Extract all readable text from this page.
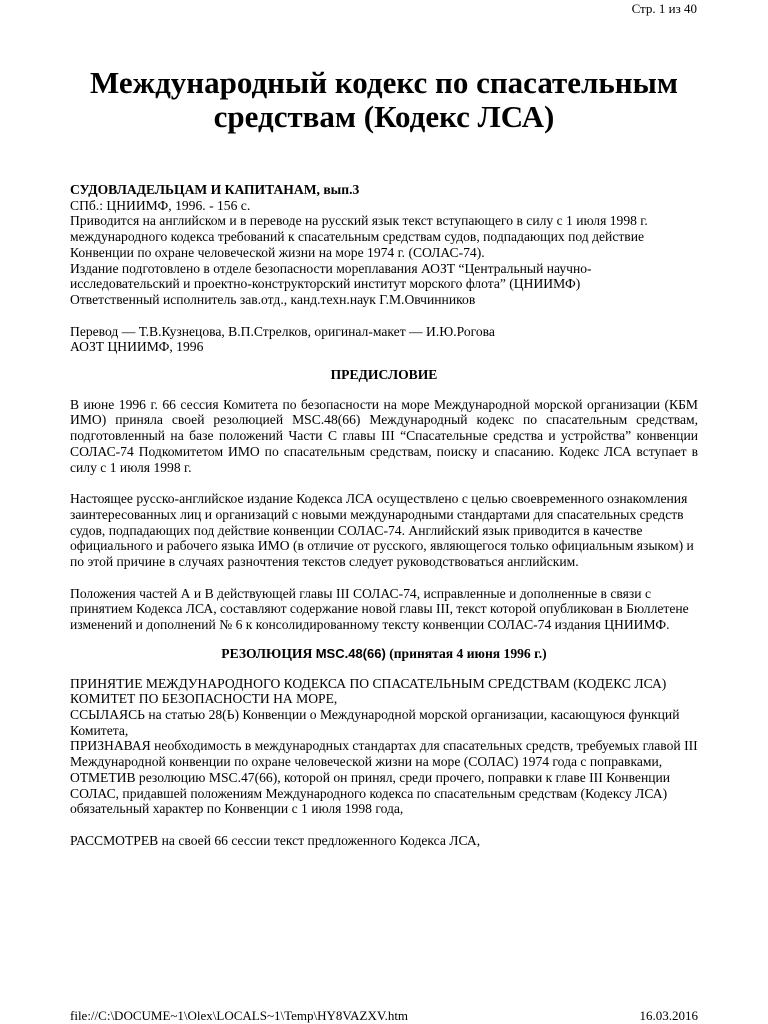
Стр. 1 из 40
Международный кодекс по спасательным
средствам (Кодекс ЛСА)

СУДОВЛАДЕЛЬЦАМ И КАПИТАНАМ, вып.3

СПб.: ЦНИИМФ, 1996. - 156 с.

Приводится на английском и в переводе на русский язык текст вступающего в силу с 1 июля 1998 г. международного кодекса требований к спасательным средствам судов, подпадающих под действие Конвенции по охране человеческой жизни на море 1974 г. (СОЛАС-74).

Издание подготовлено в отделе безопасности мореплавания АОЗТ “Центральный научно-исследовательский и проектно-конструкторский институт морского флота” (ЦНИИМФ)

Ответственный исполнитель зав.отд., канд.техн.наук Г.М.Овчинников

Перевод — Т.В.Кузнецова, В.П.Стрелков, оригинал-макет — И.Ю.Рогова

АОЗТ ЦНИИМФ, 1996

ПРЕДИСЛОВИЕ

В июне 1996 г. 66 сессия Комитета по безопасности на море Международной морской организации (КБМ ИМО) приняла своей резолюцией MSC.48(66) Международный кодекс по спасательным средствам, подготовленный на базе положений Части С главы III “Спасательные средства и устройства” конвенции СОЛАС-74 Подкомитетом ИМО по спасательным средствам, поиску и спасанию. Кодекс ЛСА вступает в силу с 1 июля 1998 г.

Настоящее русско-английское издание Кодекса ЛСА осуществлено с целью своевременного ознакомления заинтересованных лиц и организаций с новыми международными стандартами для спасательных средств судов, подпадающих под действие конвенции СОЛАС-74. Английский язык приводится в качестве официального и рабочего языка ИМО (в отличие от русского, являющегося только официальным языком) и по этой причине в случаях разночтения текстов следует руководствоваться английским.

Положения частей А и В действующей главы III СОЛАС-74, исправленные и дополненные в связи с принятием Кодекса ЛСА, составляют содержание новой главы III, текст которой опубликован в Бюллетене изменений и дополнений № 6 к консолидированному тексту конвенции СОЛАС-74 издания ЦНИИМФ.

РЕЗОЛЮЦИЯ MSC.48(66) (принятая 4 июня 1996 г.)

ПРИНЯТИЕ МЕЖДУНАРОДНОГО КОДЕКСА ПО СПАСАТЕЛЬНЫМ СРЕДСТВАМ (КОДЕКС ЛСА)

КОМИТЕТ ПО БЕЗОПАСНОСТИ НА МОРЕ,

ССЫЛАЯСЬ на статью 28(Ь) Конвенции о Международной морской организации, касающуюся функций Комитета,

ПРИЗНАВАЯ необходимость в международных стандартах для спасательных средств, требуемых главой III Международной конвенции по охране человеческой жизни на море (СОЛАС) 1974 года с поправками,

ОТМЕТИВ резолюцию MSC.47(66), которой он принял, среди прочего, поправки к главе III Конвенции СОЛАС, придавшей положениям Международного кодекса по спасательным средствам (Кодексу ЛСА) обязательный характер по Конвенции с 1 июля 1998 года,

РАССМОТРЕВ на своей 66 сессии текст предложенного Кодекса ЛСА,

file://C:\DOCUME~1\Olex\LOCALS~1\Temp\HY8VAZXV.htm	16.03.2016
